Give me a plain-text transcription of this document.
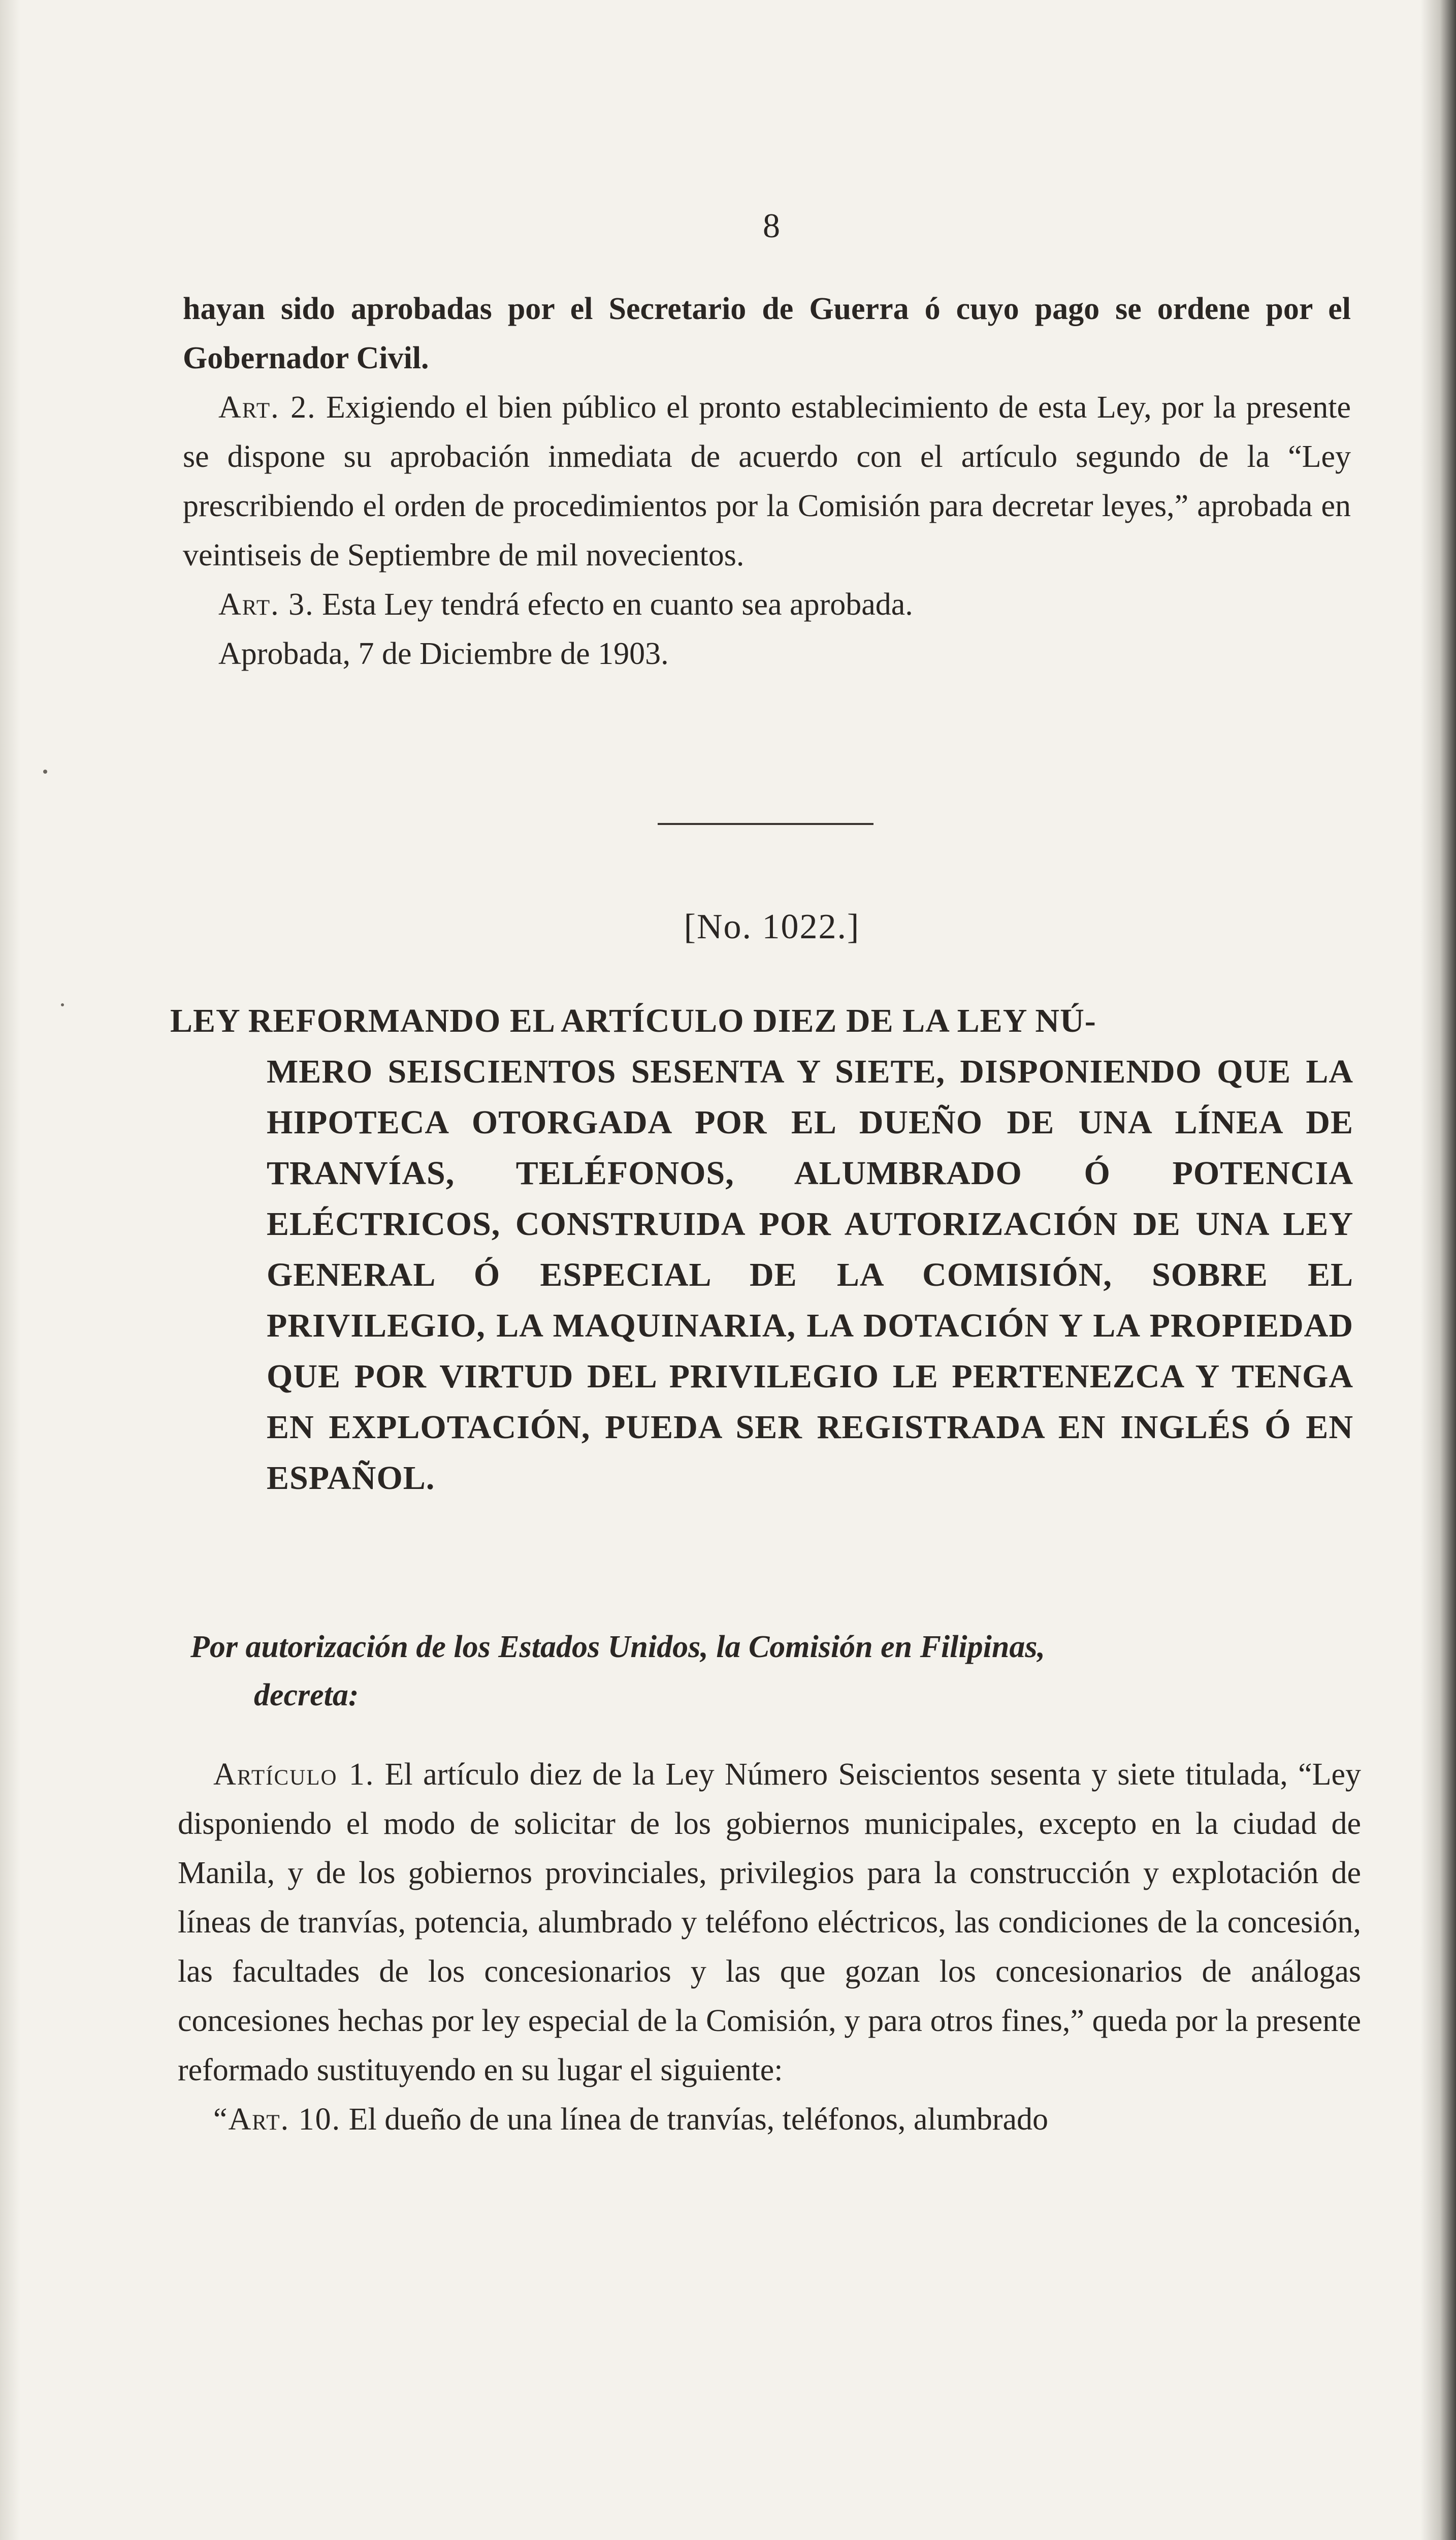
8

hayan sido aprobadas por el Secretario de Guerra ó cuyo pago se ordene por el Gobernador Civil.

Art. 2. Exigiendo el bien público el pronto establecimiento de esta Ley, por la presente se dispone su aprobación inmediata de acuerdo con el artículo segundo de la “Ley prescribiendo el orden de procedimientos por la Comisión para decretar leyes,” aprobada en veintiseis de Septiembre de mil novecientos.

Art. 3. Esta Ley tendrá efecto en cuanto sea aprobada.

Aprobada, 7 de Diciembre de 1903.

[No. 1022.]

LEY REFORMANDO EL ARTÍCULO DIEZ DE LA LEY NÚ-
MERO SEISCIENTOS SESENTA Y SIETE, DISPONIENDO QUE LA HIPOTECA OTORGADA POR EL DUEÑO DE UNA LÍNEA DE TRANVÍAS, TELÉFONOS, ALUMBRADO Ó POTENCIA ELÉCTRICOS, CONSTRUIDA POR AUTORIZACIÓN DE UNA LEY GENERAL Ó ESPECIAL DE LA COMISIÓN, SOBRE EL PRIVILEGIO, LA MAQUINARIA, LA DOTACIÓN Y LA PROPIEDAD QUE POR VIRTUD DEL PRIVILEGIO LE PERTENEZCA Y TENGA EN EXPLOTACIÓN, PUEDA SER REGISTRADA EN INGLÉS Ó EN ESPAÑOL.

Por autorización de los Estados Unidos, la Comisión en Filipinas,
decreta:

Artículo 1. El artículo diez de la Ley Número Seiscientos sesenta y siete titulada, “Ley disponiendo el modo de solicitar de los gobiernos municipales, excepto en la ciudad de Manila, y de los gobiernos provinciales, privilegios para la construcción y explotación de líneas de tranvías, potencia, alumbrado y teléfono eléctricos, las condiciones de la concesión, las facultades de los concesionarios y las que gozan los concesionarios de análogas concesiones hechas por ley especial de la Comisión, y para otros fines,” queda por la presente reformado sustituyendo en su lugar el siguiente:

“Art. 10. El dueño de una línea de tranvías, teléfonos, alumbrado
